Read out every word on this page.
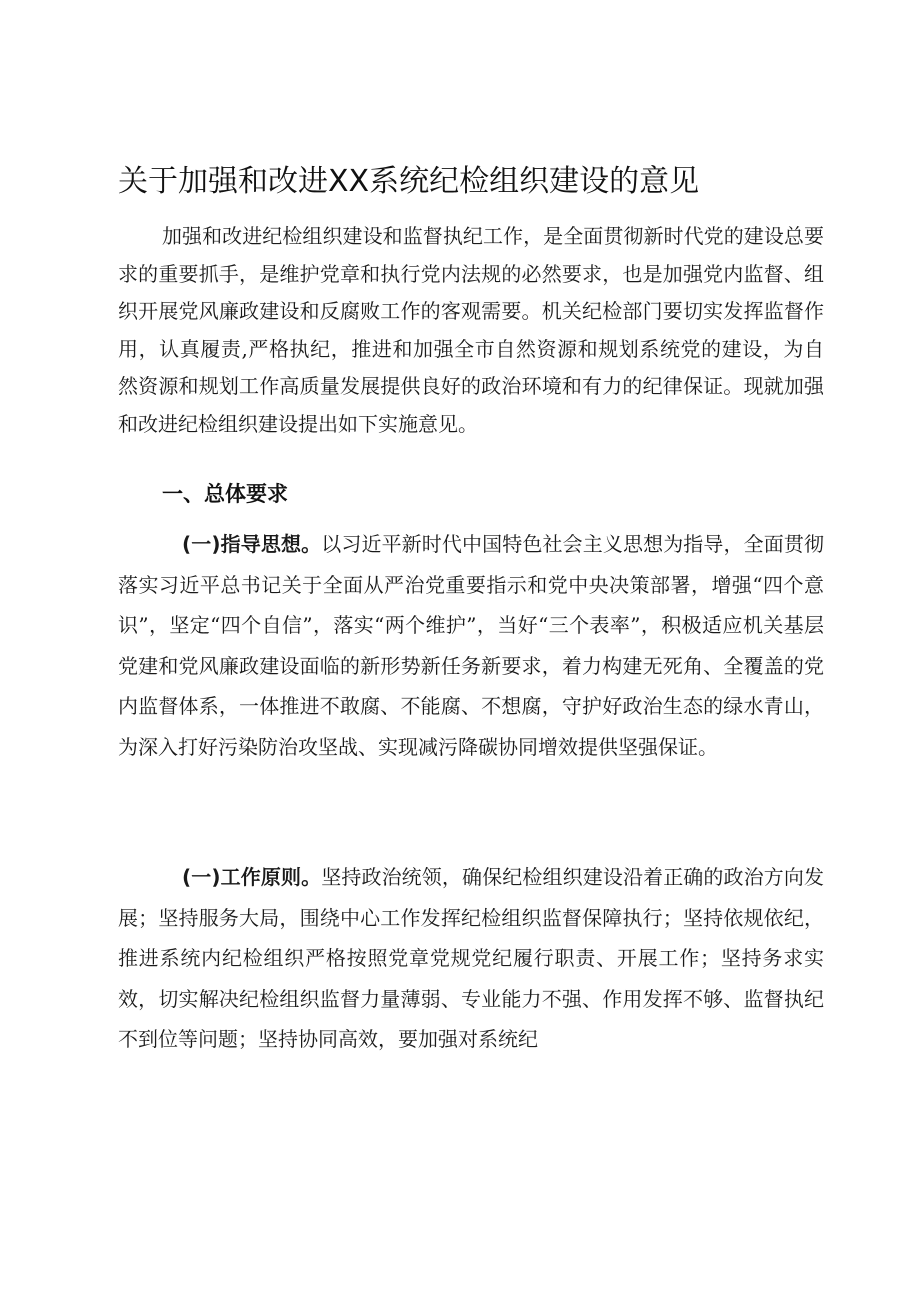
关于加强和改进XX系统纪检组织建设的意见

加强和改进纪检组织建设和监督执纪工作，是全面贯彻新时代党的建设总要求的重要抓手，是维护党章和执行党内法规的必然要求，也是加强党内监督、组织开展党风廉政建设和反腐败工作的客观需要。机关纪检部门要切实发挥监督作用，认真履责,严格执纪，推进和加强全市自然资源和规划系统党的建设，为自然资源和规划工作高质量发展提供良好的政治环境和有力的纪律保证。现就加强和改进纪检组织建设提出如下实施意见。

一、总体要求

(一)指导思想。以习近平新时代中国特色社会主义思想为指导，全面贯彻落实习近平总书记关于全面从严治党重要指示和党中央决策部署，增强“四个意识”，坚定“四个自信”，落实“两个维护”，当好“三个表率”，积极适应机关基层党建和党风廉政建设面临的新形势新任务新要求，着力构建无死角、全覆盖的党内监督体系，一体推进不敢腐、不能腐、不想腐，守护好政治生态的绿水青山，为深入打好污染防治攻坚战、实现减污降碳协同增效提供坚强保证。

(一)工作原则。坚持政治统领，确保纪检组织建设沿着正确的政治方向发展；坚持服务大局，围绕中心工作发挥纪检组织监督保障执行；坚持依规依纪，推进系统内纪检组织严格按照党章党规党纪履行职责、开展工作；坚持务求实效，切实解决纪检组织监督力量薄弱、专业能力不强、作用发挥不够、监督执纪不到位等问题；坚持协同高效，要加强对系统纪
